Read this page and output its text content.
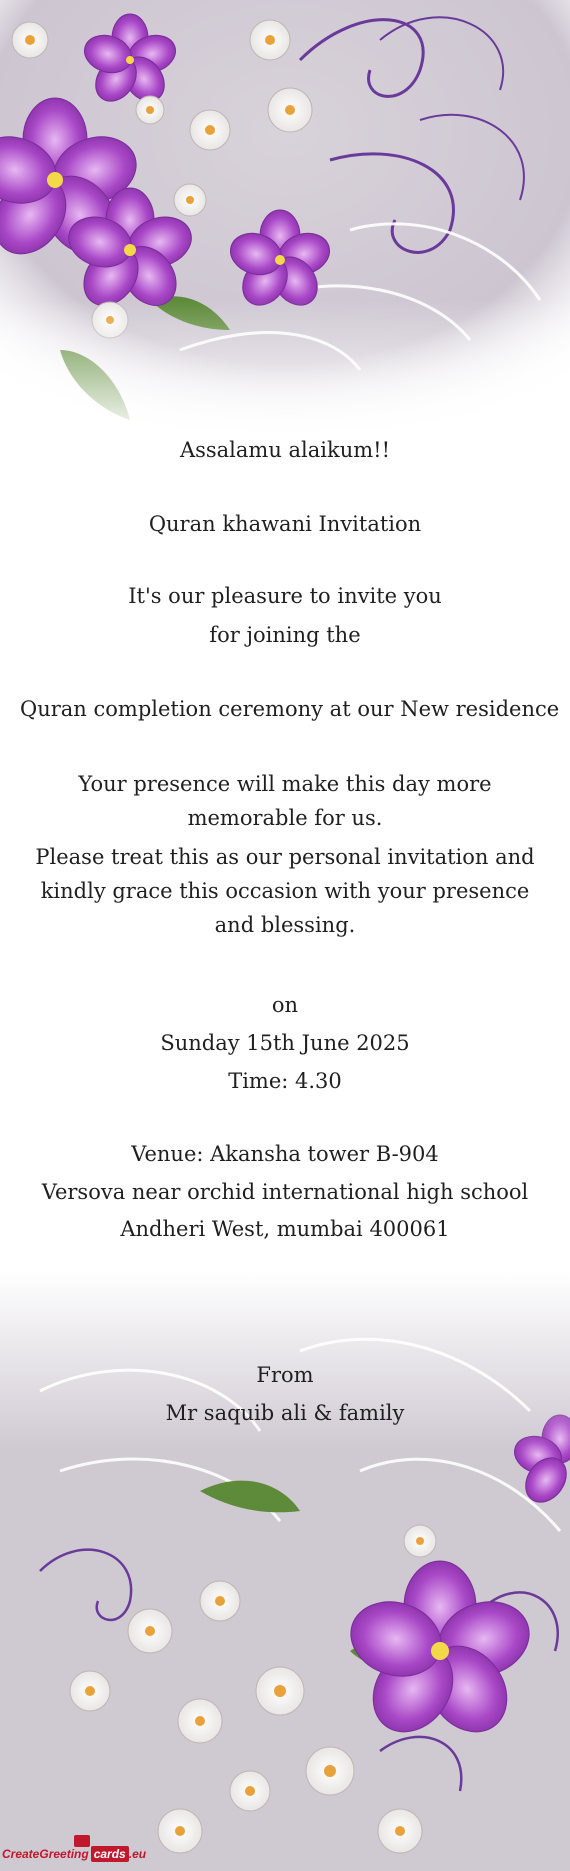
Assalamu alaikum!!
Quran khawani Invitation
It's our pleasure to invite you
for joining the
Quran completion ceremony at our New residence
Your presence will make this day more memorable for us.
Please treat this as our personal invitation and kindly grace this occasion with your presence and blessing.
on
Sunday 15th June 2025
Time: 4.30
Venue: Akansha tower B-904
Versova near orchid international high school
Andheri West, mumbai 400061
From
Mr saquib ali & family
CreateGreeting cards .eu
